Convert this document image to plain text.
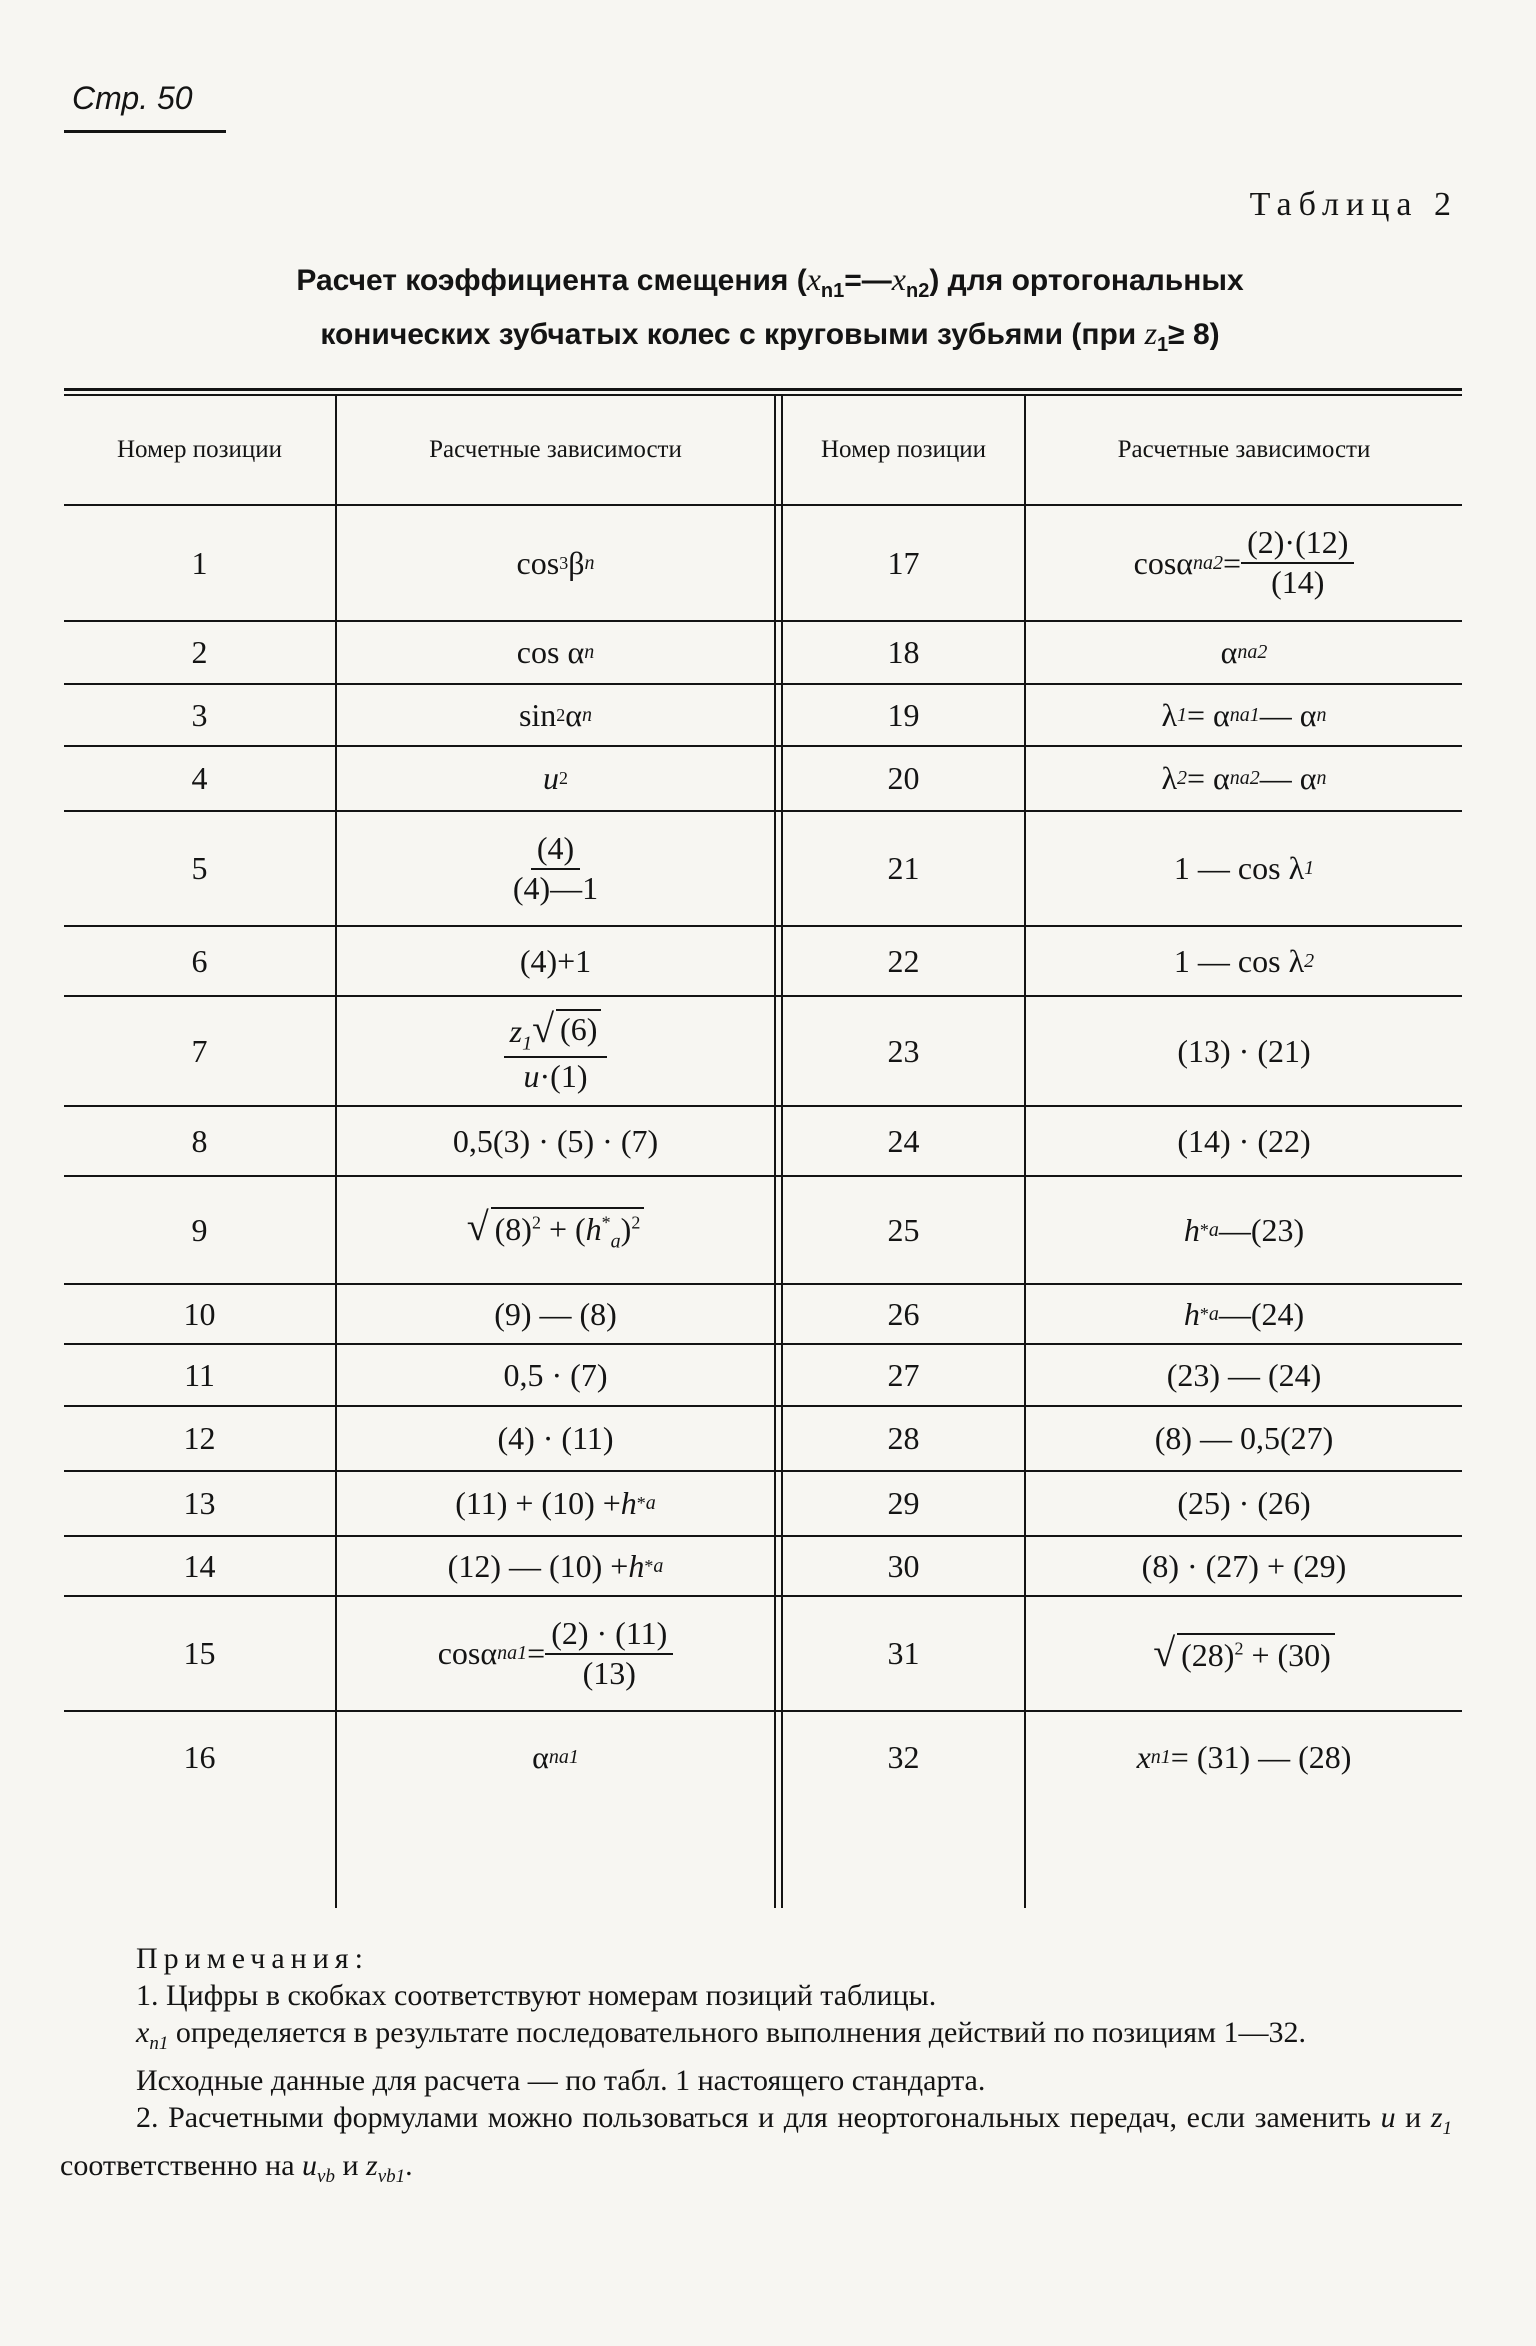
Стр. 50
Таблица 2
Расчет коэффициента смещения $(x_{n1}=—x_{n2})$ для ортогональных
конических зубчатых колес с круговыми зубьями (при $z_1\ge 8$)
Номер позиции	Расчетные зависимости	Номер позиции	Расчетные зависимости
1	cos 3 β n	17	cosα $na2 = \frac{(2)\cdot(12)}{(14)}$
2	cos α n	18	α na2
3	sin 2 α n	19	λ 1 = α na1 — α n
4	u 2	20	λ 2 = α na2 — α n
5	$\frac{(4)}{(4)—1}$	21	1 — cos λ 1
6	(4)+1	22	1 — cos λ 2
7	$\frac{z_1 √ (6)}{u\cdot(1)}$	23	(13) · (21)
8	0,5(3) · (5) · (7)	24	(14) · (22)
9	√ $(8)^2 + (h^*_a)^2$	25	h * a —(23)
10	(9) — (8)	26	h * a —(24)
11	0,5 · (7)	27	(23) — (24)
12	(4) · (11)	28	(8) — 0,5(27)
13	(11) + (10) + h * a	29	(25) · (26)
14	(12) — (10) + h * a	30	(8) · (27) + (29)
15	cosα $na1 = \frac{(2) \cdot (11)}{(13)}$	31	√ $(28)^2 + (30)$
16	α na1	32	x n1 = (31) — (28)
Примечания:
1. Цифры в скобках соответствуют номерам позиций таблицы.
$x_{n1}$ определяется в результате последовательного выполнения действий по позициям 1—32.
Исходные данные для расчета — по табл. 1 настоящего стандарта.
2. Расчетными формулами можно пользоваться и для неортогональных передач, если заменить u и $z_1$ соответственно на $u_{vb}$ и $z_{vb1}$.
